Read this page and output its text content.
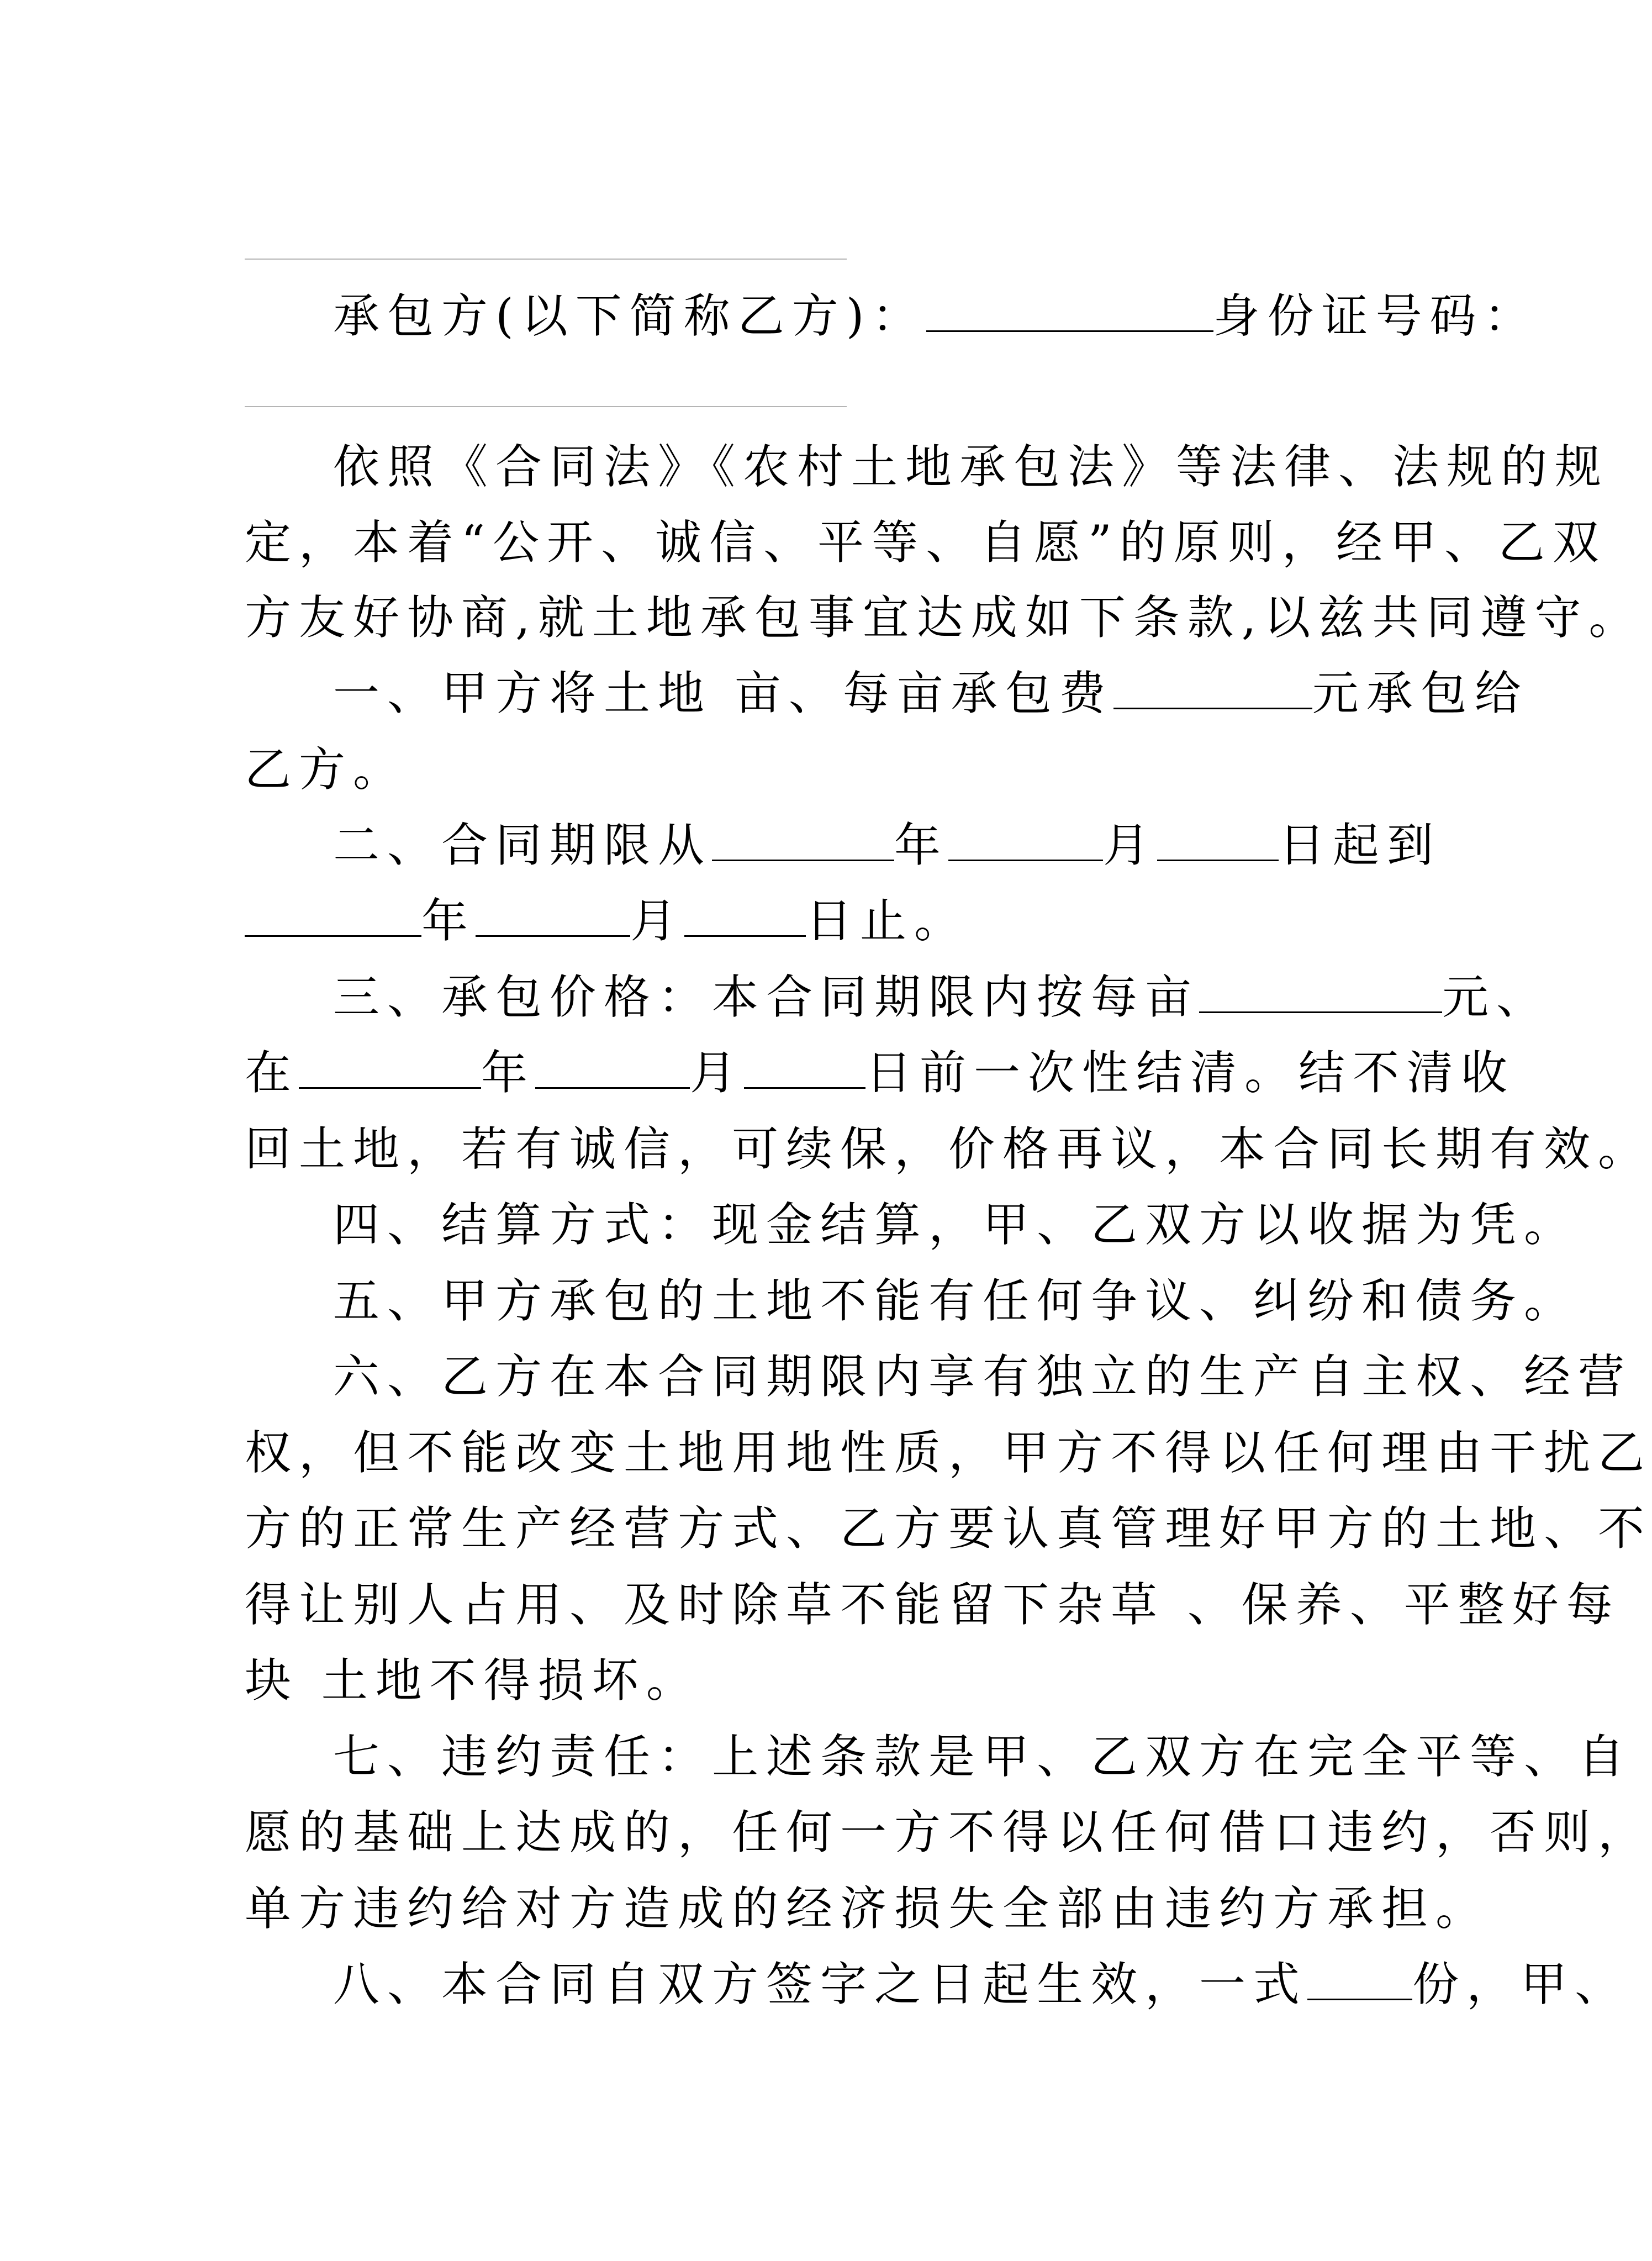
承包方(以下简称乙方)：	身份证号码：
依照《合同法》《农村土地承包法》等法律、法规的规
定，本着“公开、诚信、平等、自愿”的原则，经甲、乙双
方友好协商,就土地承包事宜达成如下条款,以兹共同遵守。
一、甲方将土地 亩、每亩承包费	元承包给
乙方。
二、合同期限从	年	月	日起到
年	月	日止。
三、承包价格：本合同期限内按每亩	元、
在	年	月	日前一次性结清。结不清收
回土地，若有诚信，可续保，价格再议，本合同长期有效。
四、结算方式：现金结算，甲、乙双方以收据为凭。
五、甲方承包的土地不能有任何争议、纠纷和债务。
六、乙方在本合同期限内享有独立的生产自主权、经营
权，但不能改变土地用地性质，甲方不得以任何理由干扰乙
方的正常生产经营方式、乙方要认真管理好甲方的土地、不
得让别人占用、及时除草不能留下杂草 、保养、平整好每
块 土地不得损坏。
七、违约责任：上述条款是甲、乙双方在完全平等、自
愿的基础上达成的，任何一方不得以任何借口违约，否则，
单方违约给对方造成的经济损失全部由违约方承担。
八、本合同自双方签字之日起生效，一式 份，甲、
